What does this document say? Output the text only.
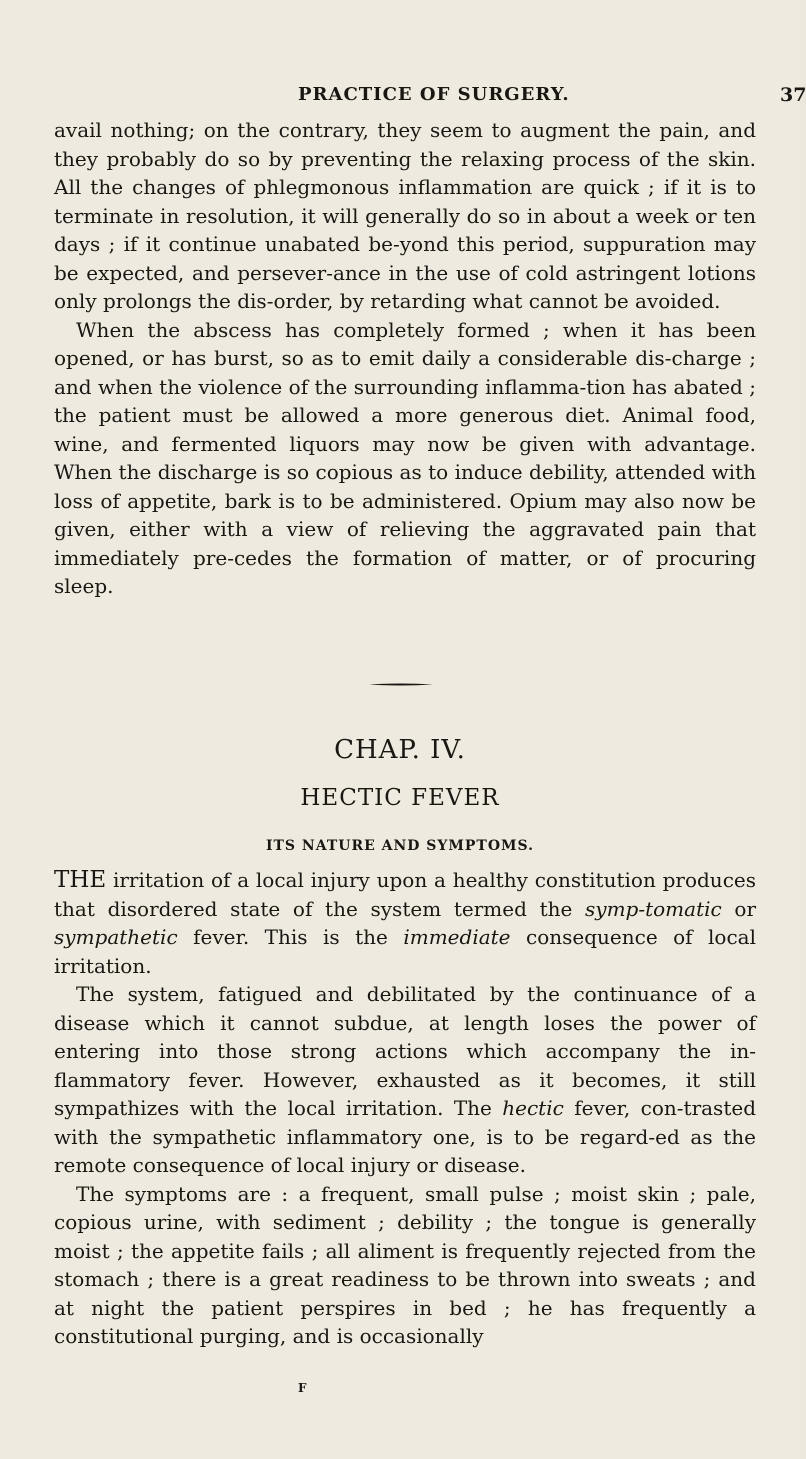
PRACTICE OF SURGERY.	37

avail nothing; on the contrary, they seem to augment the pain, and they probably do so by preventing the relaxing process of the skin. All the changes of phlegmonous inflammation are quick ; if it is to terminate in resolution, it will generally do so in about a week or ten days ; if it continue unabated be-yond this period, suppuration may be expected, and persever-ance in the use of cold astringent lotions only prolongs the dis-order, by retarding what cannot be avoided.

When the abscess has completely formed ; when it has been opened, or has burst, so as to emit daily a considerable dis-charge ; and when the violence of the surrounding inflamma-tion has abated ; the patient must be allowed a more generous diet. Animal food, wine, and fermented liquors may now be given with advantage. When the discharge is so copious as to induce debility, attended with loss of appetite, bark is to be administered. Opium may also now be given, either with a view of relieving the aggravated pain that immediately pre-cedes the formation of matter, or of procuring sleep.

CHAP. IV.
HECTIC FEVER
ITS NATURE AND SYMPTOMS.

THE irritation of a local injury upon a healthy constitution produces that disordered state of the system termed the symp-tomatic or sympathetic fever. This is the immediate consequence of local irritation.

The system, fatigued and debilitated by the continuance of a disease which it cannot subdue, at length loses the power of entering into those strong actions which accompany the in-flammatory fever. However, exhausted as it becomes, it still sympathizes with the local irritation. The hectic fever, con-trasted with the sympathetic inflammatory one, is to be regard-ed as the remote consequence of local injury or disease.

The symptoms are : a frequent, small pulse ; moist skin ; pale, copious urine, with sediment ; debility ; the tongue is generally moist ; the appetite fails ; all aliment is frequently rejected from the stomach ; there is a great readiness to be thrown into sweats ; and at night the patient perspires in bed ; he has frequently a constitutional purging, and is occasionally

F
